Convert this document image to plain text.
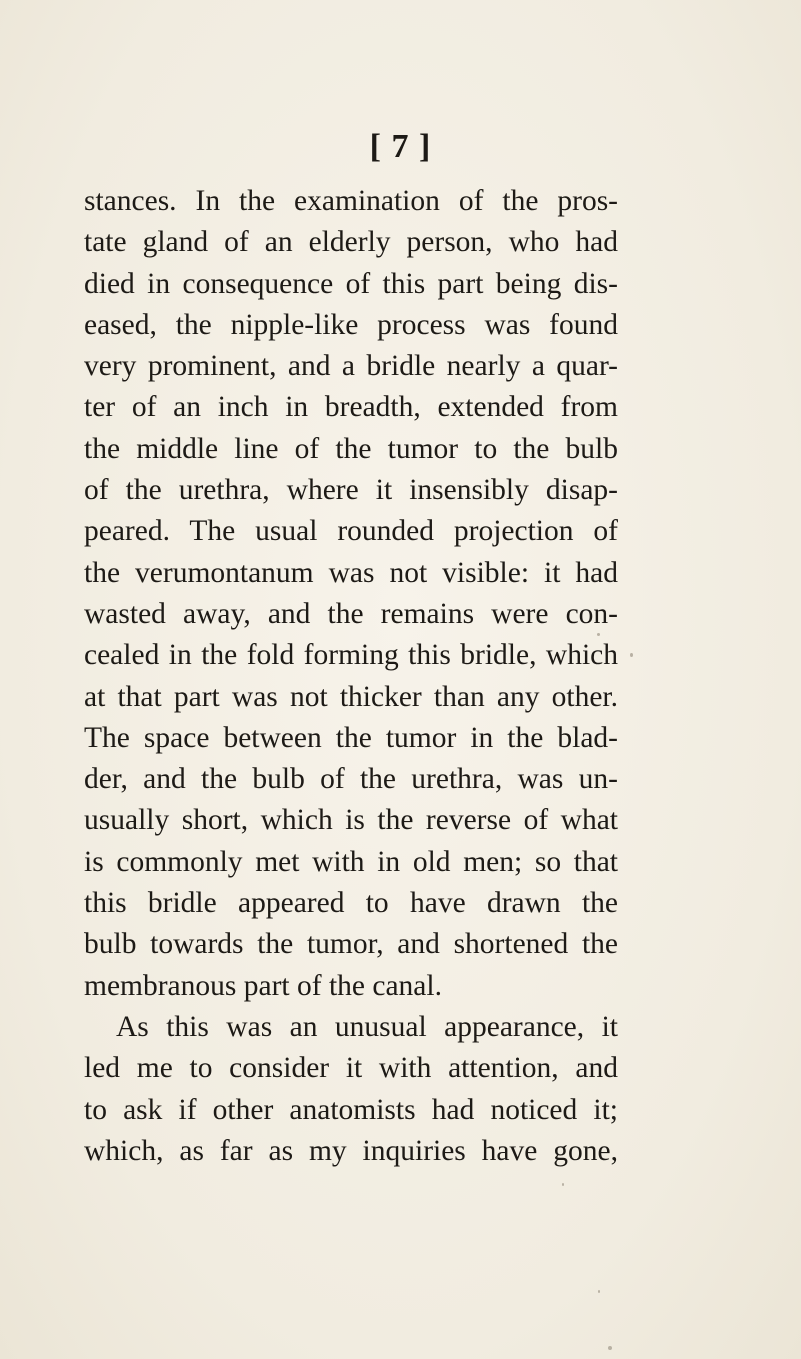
[ 7 ]
stances. In the examination of the pros-
tate gland of an elderly person, who had
died in consequence of this part being dis-
eased, the nipple-like process was found
very prominent, and a bridle nearly a quar-
ter of an inch in breadth, extended from
the middle line of the tumor to the bulb
of the urethra, where it insensibly disap-
peared. The usual rounded projection of
the verumontanum was not visible: it had
wasted away, and the remains were con-
cealed in the fold forming this bridle, which
at that part was not thicker than any other.
The space between the tumor in the blad-
der, and the bulb of the urethra, was un-
usually short, which is the reverse of what
is commonly met with in old men; so that
this bridle appeared to have drawn the
bulb towards the tumor, and shortened the
membranous part of the canal.
As this was an unusual appearance, it
led me to consider it with attention, and
to ask if other anatomists had noticed it;
which, as far as my inquiries have gone,
